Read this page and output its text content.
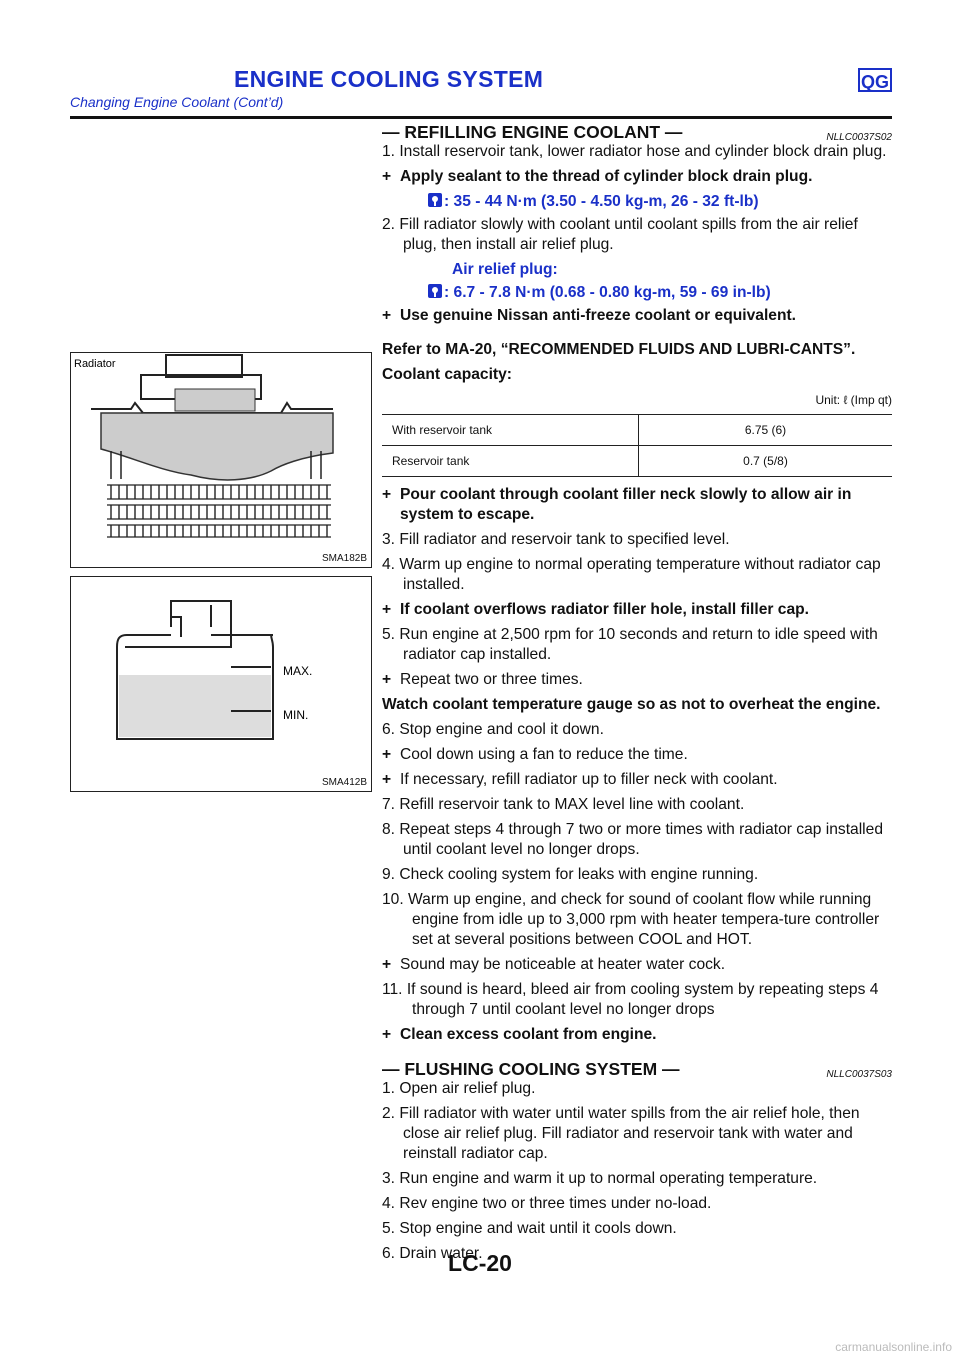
ENGINE COOLING SYSTEM	QG
Changing Engine Coolant (Cont’d)
Radiator
SMA182B
MAX.
MIN.
SMA412B
— REFILLING ENGINE COOLANT —	NLLC0037S02

1. Install reservoir tank, lower radiator hose and cylinder block drain plug.

+ Apply sealant to the thread of cylinder block drain plug.

: 35 - 44 N·m (3.50 - 4.50 kg-m, 26 - 32 ft-lb)

2. Fill radiator slowly with coolant until coolant spills from the air relief plug, then install air relief plug.

Air relief plug:

: 6.7 - 7.8 N·m (0.68 - 0.80 kg-m, 59 - 69 in-lb)

+ Use genuine Nissan anti-freeze coolant or equivalent.

Refer to MA-20, “RECOMMENDED FLUIDS AND LUBRI-CANTS”.

Coolant capacity:

Unit: ℓ (Imp qt)

With reservoir tank	6.75 (6)
Reservoir tank	0.7 (5/8)

+ Pour coolant through coolant filler neck slowly to allow air in system to escape.

3. Fill radiator and reservoir tank to specified level.

4. Warm up engine to normal operating temperature without radiator cap installed.

+ If coolant overflows radiator filler hole, install filler cap.

5. Run engine at 2,500 rpm for 10 seconds and return to idle speed with radiator cap installed.

+ Repeat two or three times.

Watch coolant temperature gauge so as not to overheat the engine.

6. Stop engine and cool it down.

+ Cool down using a fan to reduce the time.

+ If necessary, refill radiator up to filler neck with coolant.

7. Refill reservoir tank to MAX level line with coolant.

8. Repeat steps 4 through 7 two or more times with radiator cap installed until coolant level no longer drops.

9. Check cooling system for leaks with engine running.

10. Warm up engine, and check for sound of coolant flow while running engine from idle up to 3,000 rpm with heater tempera-ture controller set at several positions between COOL and HOT.

+ Sound may be noticeable at heater water cock.

11. If sound is heard, bleed air from cooling system by repeating steps 4 through 7 until coolant level no longer drops

+ Clean excess coolant from engine.

— FLUSHING COOLING SYSTEM —	NLLC0037S03

1. Open air relief plug.

2. Fill radiator with water until water spills from the air relief hole, then close air relief plug. Fill radiator and reservoir tank with water and reinstall radiator cap.

3. Run engine and warm it up to normal operating temperature.

4. Rev engine two or three times under no-load.

5. Stop engine and wait until it cools down.

6. Drain water.

LC-20
carmanualsonline.info
